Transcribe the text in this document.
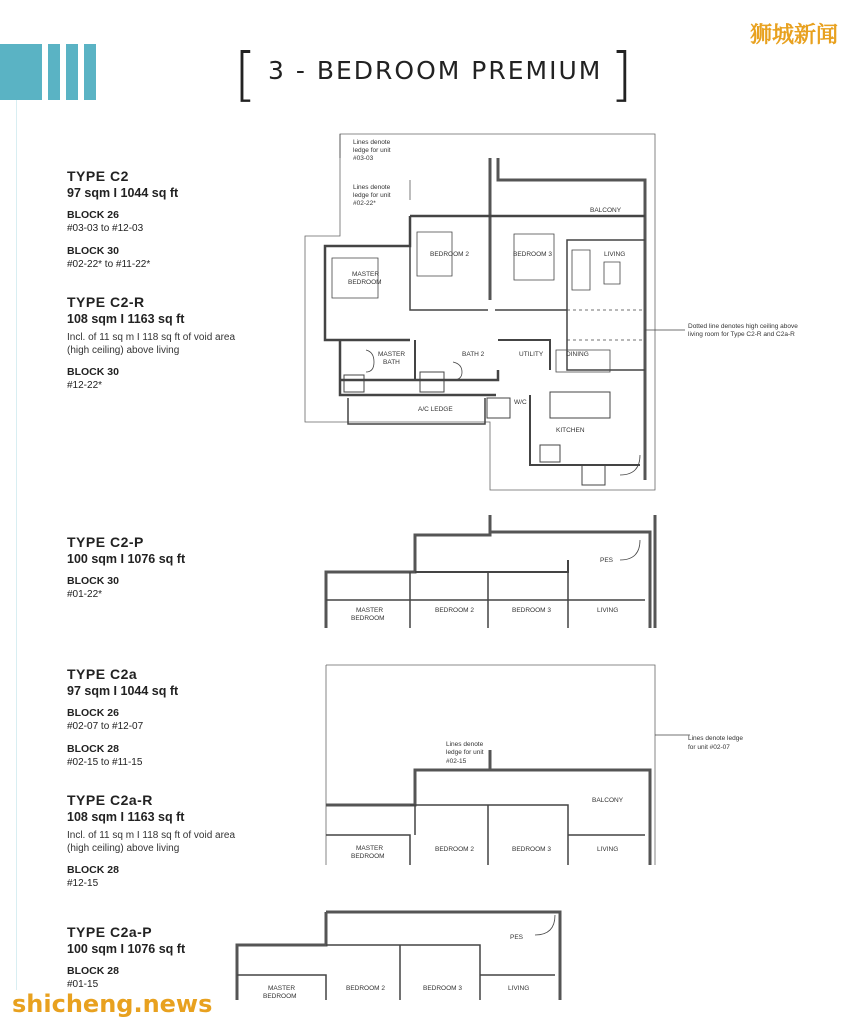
[ 3 - BEDROOM PREMIUM ]
狮城新闻
TYPE C2
97 sqm I 1044 sq ft
BLOCK 26
#03-03 to #12-03
BLOCK 30
#02-22* to #11-22*
TYPE C2-R
108 sqm I 1163 sq ft
Incl. of 11 sq m I 118 sq ft of void area (high ceiling) above living
BLOCK 30
#12-22*
TYPE C2-P
100 sqm I 1076 sq ft
BLOCK 30
#01-22*
TYPE C2a
97 sqm I 1044 sq ft
BLOCK 26
#02-07 to #12-07
BLOCK 28
#02-15 to #11-15
TYPE C2a-R
108 sqm I 1163 sq ft
Incl. of 11 sq m I 118 sq ft of void area (high ceiling) above living
BLOCK 28
#12-15
TYPE C2a-P
100 sqm I 1076 sq ft
BLOCK 28
#01-15
Lines denote
ledge for unit
#03-03
Lines denote
ledge for unit
#02-22*
BALCONY
LIVING
BEDROOM 2	BEDROOM 3
MASTER
BEDROOM
MASTER
BATH
BATH 2	UTILITY	DINING
W/C
A/C LEDGE
KITCHEN
Dotted line denotes high ceiling above
living room for Type C2-R and C2a-R
PES
MASTER
BEDROOM
BEDROOM 2	BEDROOM 3	LIVING
Lines denote ledge
for unit #02-07
Lines denote
ledge for unit
#02-15
BALCONY
MASTER
BEDROOM
BEDROOM 2	BEDROOM 3	LIVING
PES
MASTER
BEDROOM
BEDROOM 2	BEDROOM 3	LIVING
shicheng.news
